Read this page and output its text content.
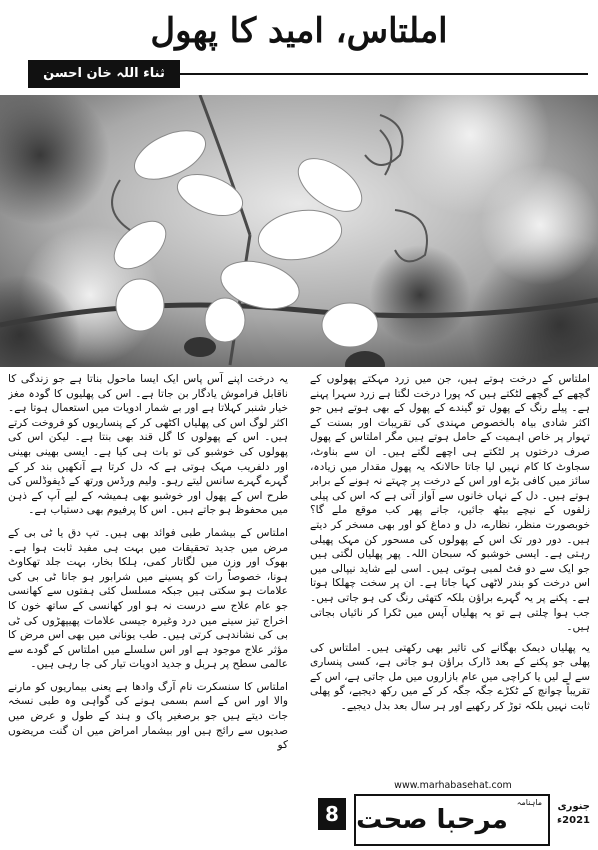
املتاس، امید کا پھول
ثناء اللہ خان احسن

املتاس کے درخت ہوتے ہیں، جن میں زرد مہکتے پھولوں کے گچھے کے گچھے لٹکتے ہیں کہ پورا درخت لگتا ہے زرد سہرا پہنے ہے۔ پیلے رنگ کے پھول تو گیندے کے پھول کے بھی ہوتے ہیں جو اکثر شادی بیاہ بالخصوص مہندی کی تقریبات اور بسنت کے تہوار پر خاص اہمیت کے حامل ہوتے ہیں مگر املتاس کے پھول صرف درختوں پر لٹکتے ہی اچھے لگتے ہیں۔ ان سے بناوٹ، سجاوٹ کا کام نہیں لیا جاتا حالانکہ یہ پھول مقدار میں زیادہ، سائز میں کافی بڑے اور اس کے درخت پر چہتے نہ ہونے کے برابر ہوتے ہیں۔ دل کے نہاں خانوں سے آواز آتی ہے کہ اس کی پیلی زلفوں کے نیچے بیٹھ جائیں، جانے پھر کب موقع ملے گا؟ خوبصورت منظر، نظارے، دل و دماغ کو اور بھی مسخر کر دیتے ہیں۔ دور دور تک اس کے پھولوں کی مسحور کن مہک پھیلی رہتی ہے۔ ایسی خوشبو کہ سبحان اللہ۔ پھر پھلیاں لگتی ہیں جو ایک سے دو فٹ لمبی ہوتی ہیں۔ اسی لیے شاید نیپالی میں اس درخت کو بندر لاٹھی کہا جاتا ہے۔ ان پر سخت چھلکا ہوتا ہے۔ پکنے پر یہ گہرے براؤن بلکہ کتھئی رنگ کی ہو جاتی ہیں۔ جب ہوا چلتی ہے تو یہ پھلیاں آپس میں ٹکرا کر نائیاں بجاتی ہیں۔

یہ پھلیاں دیمک بھگانے کی تاثیر بھی رکھتی ہیں۔ املتاس کی پھلی جو پکنے کے بعد ڈارک براؤن ہو جاتی ہے، کسی پنساری سے لے لیں یا کراچی میں عام بازاروں میں مل جاتی ہے، اس کے تقریباً چوانچ کے ٹکڑے جگہ جگہ کر کے میں رکھ دیجیے، گو پھلی ثابت نہیں بلکہ توڑ کر رکھیے اور ہر سال بعد بدل دیجیے۔

یہ درخت اپنے آس پاس ایک ایسا ماحول بناتا ہے جو زندگی کا ناقابل فراموش یادگار بن جاتا ہے۔ اس کی پھلیوں کا گودہ مغز خیار شنبر کہلاتا ہے اور بے شمار ادویات میں استعمال ہوتا ہے۔ اکثر لوگ اس کی پھلیاں اکٹھی کر کے پنساریوں کو فروخت کرتے ہیں۔ اس کے پھولوں کا گل قند بھی بنتا ہے۔ لیکن اس کی پھولوں کی خوشبو کی تو بات ہی کیا ہے۔ ایسی بھینی بھینی اور دلفریب مہک ہوتی ہے کہ دل کرتا ہے آنکھیں بند کر کے گہرے گہرے سانس لیتے رہو۔ ولیم ورڈس ورتھ کے ڈیفوڈلس کی طرح اس کے پھول اور خوشبو بھی ہمیشہ کے لیے آپ کے ذہن میں محفوظ ہو جاتے ہیں۔ اس کا پرفیوم بھی دستیاب ہے۔

املتاس کے بیشمار طبی فوائد بھی ہیں۔ تپ دق یا ٹی بی کے مرض میں جدید تحقیقات میں بہت ہی مفید ثابت ہوا ہے۔ بھوک اور وزن میں لگاتار کمی، ہلکا بخار، بہت جلد تھکاوٹ ہونا، خصوصاً رات کو پسینے میں شرابور ہو جانا ٹی بی کی علامات ہو سکتی ہیں جبکہ مسلسل کئی ہفتوں سے کھانسی جو عام علاج سے درست نہ ہو اور کھانسی کے ساتھ خون کا اخراج تیز سینے میں درد وغیرہ جیسی علامات پھیپھڑوں کی ٹی بی کی نشاندہی کرتی ہیں۔ طب یونانی میں بھی اس مرض کا مؤثر علاج موجود ہے اور اس سلسلے میں املتاس کے گودے سے عالمی سطح پر ہربل و جدید ادویات تیار کی جا رہی ہیں۔

املتاس کا سنسکرت نام آرگ وادھا ہے یعنی بیماریوں کو مارنے والا اور اس کے اسم بسمی ہونے کی گواہی وہ طبی نسخہ جات دیتے ہیں جو برصغیر پاک و ہند کے طول و عرض میں صدیوں سے رائج ہیں اور بیشمار امراض میں ان گنت مریضوں کو

www.marhabasehat.com
8	ماہنامہ
مرحبا صحت	جنوری 2021ء
